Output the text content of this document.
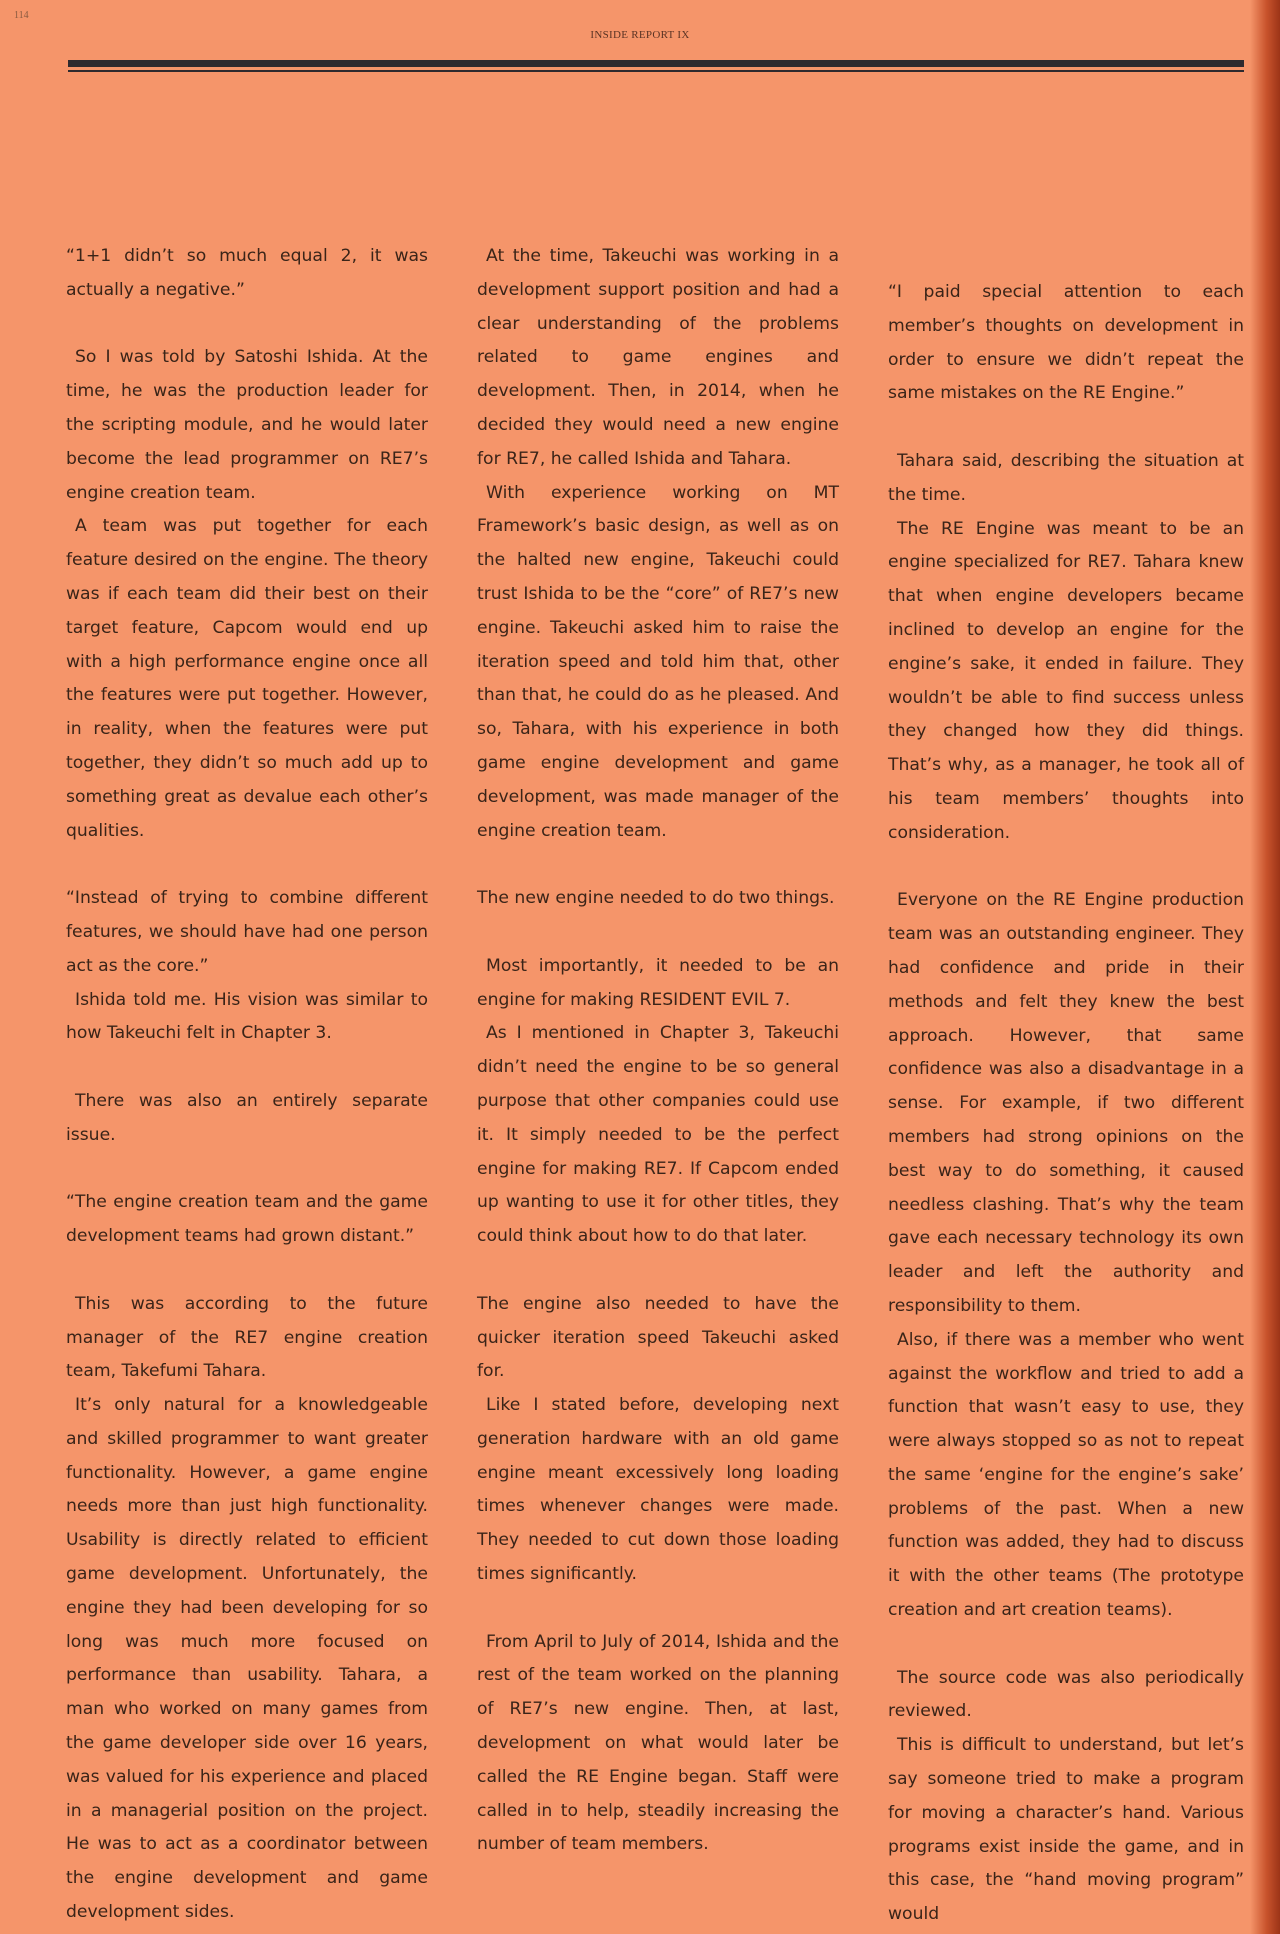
114
INSIDE REPORT IX

“1+1 didn’t so much equal 2, it was actually a negative.”

So I was told by Satoshi Ishida. At the time, he was the production leader for the scripting module, and he would later become the lead programmer on RE7’s engine creation team.

A team was put together for each feature desired on the engine. The theory was if each team did their best on their target feature, Capcom would end up with a high performance engine once all the features were put together. However, in reality, when the features were put together, they didn’t so much add up to something great as devalue each other’s qualities.

“Instead of trying to combine different features, we should have had one person act as the core.”

Ishida told me. His vision was similar to how Takeuchi felt in Chapter 3.

There was also an entirely separate issue.

“The engine creation team and the game development teams had grown distant.”

This was according to the future manager of the RE7 engine creation team, Takefumi Tahara.

It’s only natural for a knowledgeable and skilled programmer to want greater functionality. However, a game engine needs more than just high functionality. Usability is directly related to efficient game development. Unfortunately, the engine they had been developing for so long was much more focused on performance than usability. Tahara, a man who worked on many games from the game developer side over 16 years, was valued for his experience and placed in a managerial position on the project. He was to act as a coordinator between the engine development and game development sides.

At the time, Takeuchi was working in a development support position and had a clear understanding of the problems related to game engines and development. Then, in 2014, when he decided they would need a new engine for RE7, he called Ishida and Tahara.

With experience working on MT Framework’s basic design, as well as on the halted new engine, Takeuchi could trust Ishida to be the “core” of RE7’s new engine. Takeuchi asked him to raise the iteration speed and told him that, other than that, he could do as he pleased. And so, Tahara, with his experience in both game engine development and game development, was made manager of the engine creation team.

The new engine needed to do two things.

Most importantly, it needed to be an engine for making RESIDENT EVIL 7.

As I mentioned in Chapter 3, Takeuchi didn’t need the engine to be so general purpose that other companies could use it. It simply needed to be the perfect engine for making RE7. If Capcom ended up wanting to use it for other titles, they could think about how to do that later.

The engine also needed to have the quicker iteration speed Takeuchi asked for.

Like I stated before, developing next generation hardware with an old game engine meant excessively long loading times whenever changes were made. They needed to cut down those loading times significantly.

From April to July of 2014, Ishida and the rest of the team worked on the planning of RE7’s new engine. Then, at last, development on what would later be called the RE Engine began. Staff were called in to help, steadily increasing the number of team members.

“I paid special attention to each member’s thoughts on development in order to ensure we didn’t repeat the same mistakes on the RE Engine.”

Tahara said, describing the situation at the time.

The RE Engine was meant to be an engine specialized for RE7. Tahara knew that when engine developers became inclined to develop an engine for the engine’s sake, it ended in failure. They wouldn’t be able to find success unless they changed how they did things. That’s why, as a manager, he took all of his team members’ thoughts into consideration.

Everyone on the RE Engine production team was an outstanding engineer. They had confidence and pride in their methods and felt they knew the best approach. However, that same confidence was also a disadvantage in a sense. For example, if two different members had strong opinions on the best way to do something, it caused needless clashing. That’s why the team gave each necessary technology its own leader and left the authority and responsibility to them.

Also, if there was a member who went against the workflow and tried to add a function that wasn’t easy to use, they were always stopped so as not to repeat the same ‘engine for the engine’s sake’ problems of the past. When a new function was added, they had to discuss it with the other teams (The prototype creation and art creation teams).

The source code was also periodically reviewed.

This is difficult to understand, but let’s say someone tried to make a program for moving a character’s hand. Various programs exist inside the game, and in this case, the “hand moving program” would
